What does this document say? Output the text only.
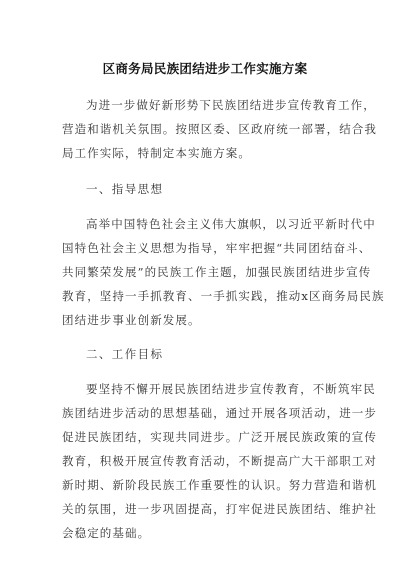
区商务局民族团结进步工作实施方案
为进一步做好新形势下民族团结进步宣传教育工作，
营造和谐机关氛围。按照区委、区政府统一部署，结合我
局工作实际，特制定本实施方案。
一、指导思想
高举中国特色社会主义伟大旗帜，以习近平新时代中
国特色社会主义思想为指导，牢牢把握“共同团结奋斗、
共同繁荣发展”的民族工作主题，加强民族团结进步宣传
教育，坚持一手抓教育、一手抓实践，推动x区商务局民族
团结进步事业创新发展。
二、工作目标
要坚持不懈开展民族团结进步宣传教育，不断筑牢民
族团结进步活动的思想基础，通过开展各项活动，进一步
促进民族团结，实现共同进步。广泛开展民族政策的宣传
教育，积极开展宣传教育活动，不断提高广大干部职工对
新时期、新阶段民族工作重要性的认识。努力营造和谐机
关的氛围，进一步巩固提高，打牢促进民族团结、维护社
会稳定的基础。
